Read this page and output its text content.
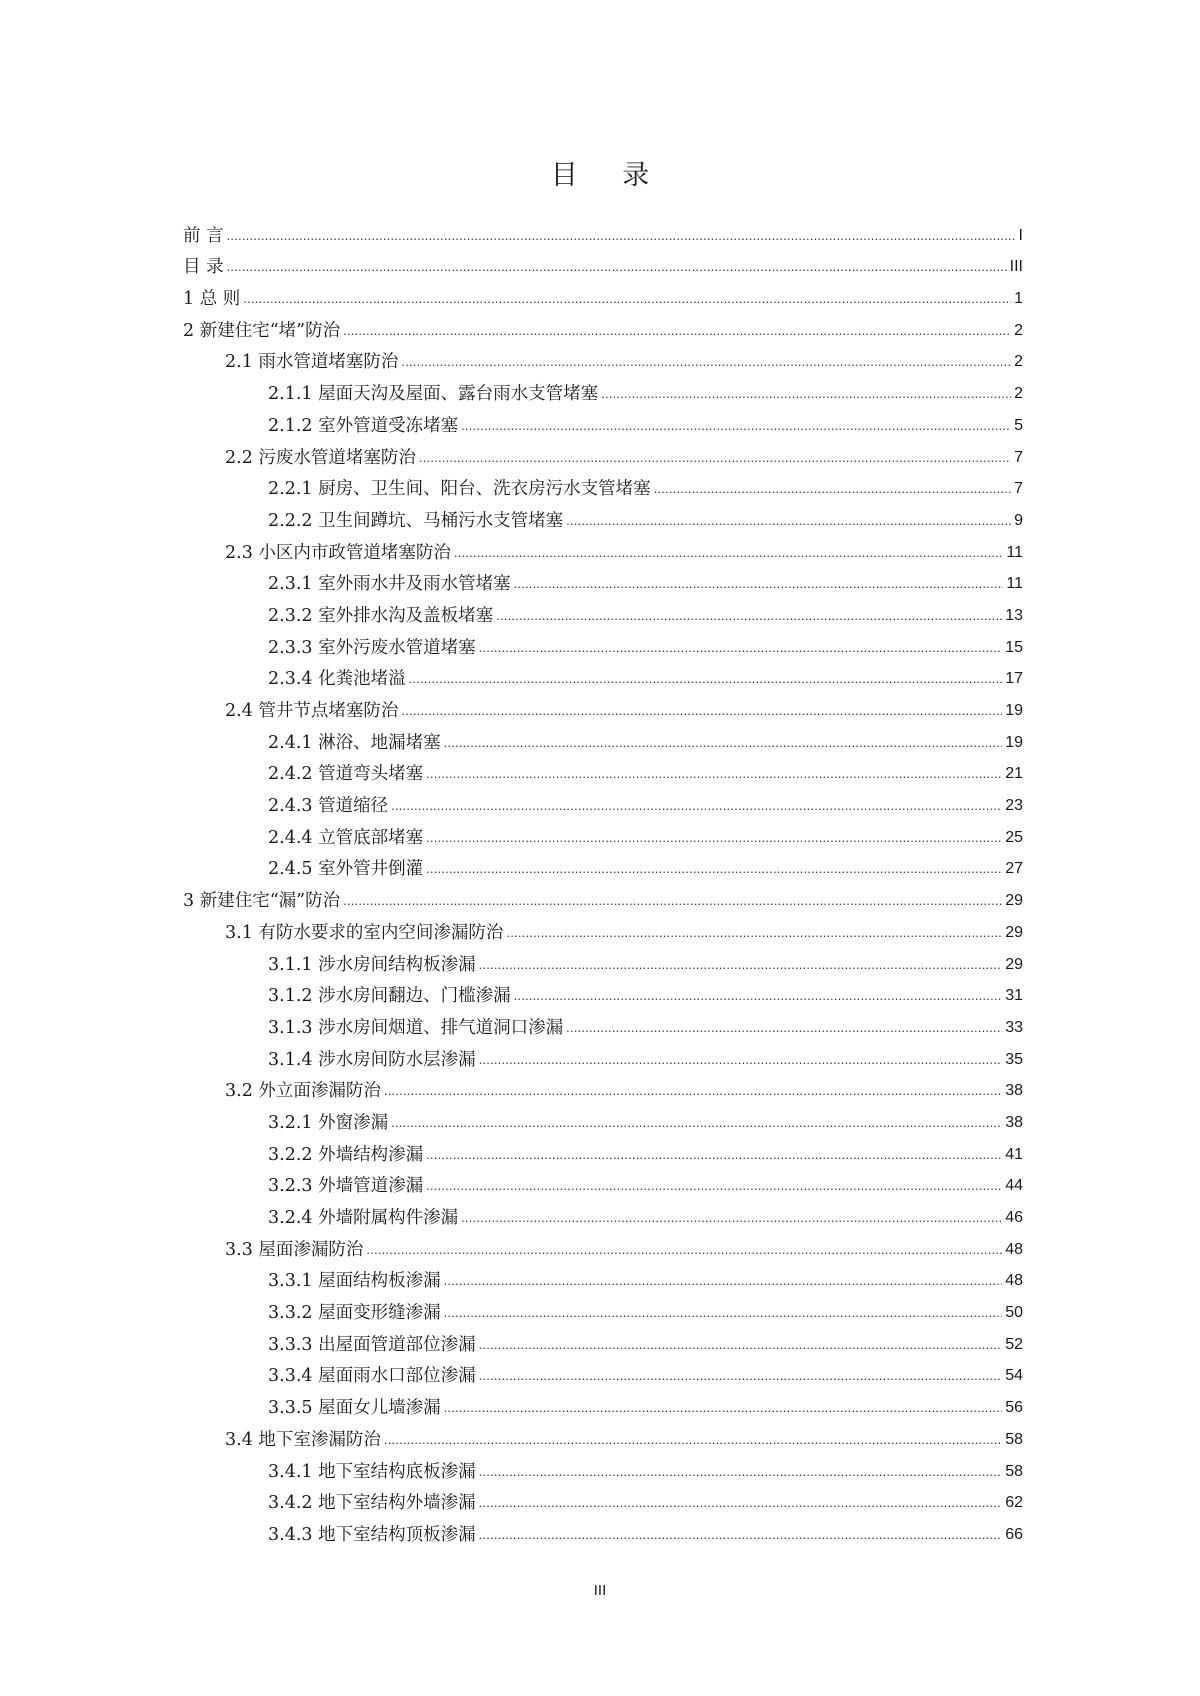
目 录
前 言 .....	I
目 录 .....	III
1 总 则 .....	1
2 新建住宅“堵”防治 .....	2
2.1 雨水管道堵塞防治 .....	2
2.1.1 屋面天沟及屋面、露台雨水支管堵塞 .....	2
2.1.2 室外管道受冻堵塞 .....	5
2.2 污废水管道堵塞防治 .....	7
2.2.1 厨房、卫生间、阳台、洗衣房污水支管堵塞 .....	7
2.2.2 卫生间蹲坑、马桶污水支管堵塞 .....	9
2.3 小区内市政管道堵塞防治 .....	11
2.3.1 室外雨水井及雨水管堵塞 .....	11
2.3.2 室外排水沟及盖板堵塞 .....	13
2.3.3 室外污废水管道堵塞 .....	15
2.3.4 化粪池堵溢 .....	17
2.4 管井节点堵塞防治 .....	19
2.4.1 淋浴、地漏堵塞 .....	19
2.4.2 管道弯头堵塞 .....	21
2.4.3 管道缩径 .....	23
2.4.4 立管底部堵塞 .....	25
2.4.5 室外管井倒灌 .....	27
3 新建住宅“漏”防治 .....	29
3.1 有防水要求的室内空间渗漏防治 .....	29
3.1.1 涉水房间结构板渗漏 .....	29
3.1.2 涉水房间翻边、门槛渗漏 .....	31
3.1.3 涉水房间烟道、排气道洞口渗漏 .....	33
3.1.4 涉水房间防水层渗漏 .....	35
3.2 外立面渗漏防治 .....	38
3.2.1 外窗渗漏 .....	38
3.2.2 外墙结构渗漏 .....	41
3.2.3 外墙管道渗漏 .....	44
3.2.4 外墙附属构件渗漏 .....	46
3.3 屋面渗漏防治 .....	48
3.3.1 屋面结构板渗漏 .....	48
3.3.2 屋面变形缝渗漏 .....	50
3.3.3 出屋面管道部位渗漏 .....	52
3.3.4 屋面雨水口部位渗漏 .....	54
3.3.5 屋面女儿墙渗漏 .....	56
3.4 地下室渗漏防治 .....	58
3.4.1 地下室结构底板渗漏 .....	58
3.4.2 地下室结构外墙渗漏 .....	62
3.4.3 地下室结构顶板渗漏 .....	66
III
